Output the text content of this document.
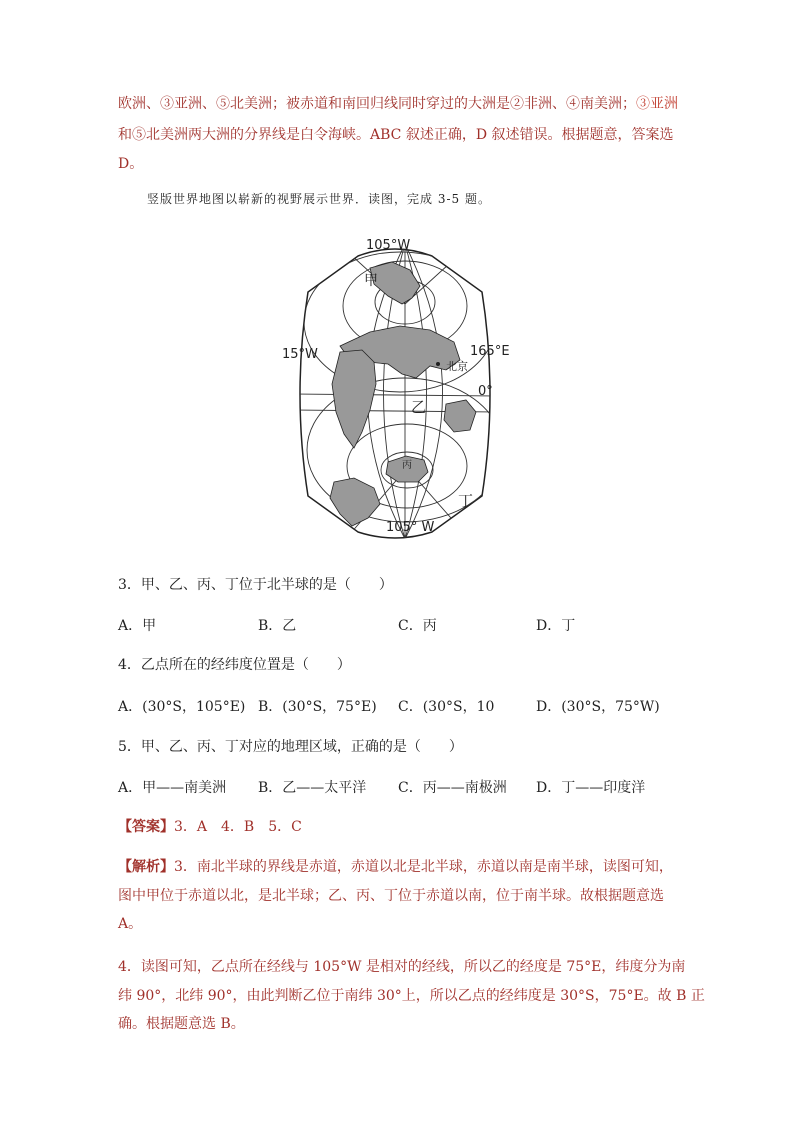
欧洲、③亚洲、⑤北美洲；被赤道和南回归线同时穿过的大洲是②非洲、④南美洲；③亚洲
和⑤北美洲两大洲的分界线是白令海峡。ABC 叙述正确，D 叙述错误。根据题意，答案选
D。
竖版世界地图以崭新的视野展示世界．读图，完成 3-5 题。
105°W
甲
15°W	165°E
北京
0°
乙
丙
丁
105° W
3．甲、乙、丙、丁位于北半球的是（　　）
A．甲	B．乙	C．丙	D．丁
4．乙点所在的经纬度位置是（　　）
A．(30°S，105°E) B．(30°S，75°E) C．(30°S，10	D．(30°S，75°W)
5．甲、乙、丙、丁对应的地理区域，正确的是（　　）
A．甲——南美洲 B．乙——太平洋 C．丙——南极洲 D．丁——印度洋
【答案】3．A　4．B　5．C
【解析】3．南北半球的界线是赤道，赤道以北是北半球，赤道以南是南半球，读图可知，
图中甲位于赤道以北，是北半球；乙、丙、丁位于赤道以南，位于南半球。故根据题意选
A。
4．读图可知，乙点所在经线与 105°W 是相对的经线，所以乙的经度是 75°E，纬度分为南
纬 90°，北纬 90°，由此判断乙位于南纬 30°上，所以乙点的经纬度是 30°S，75°E。故 B 正
确。根据题意选 B。
